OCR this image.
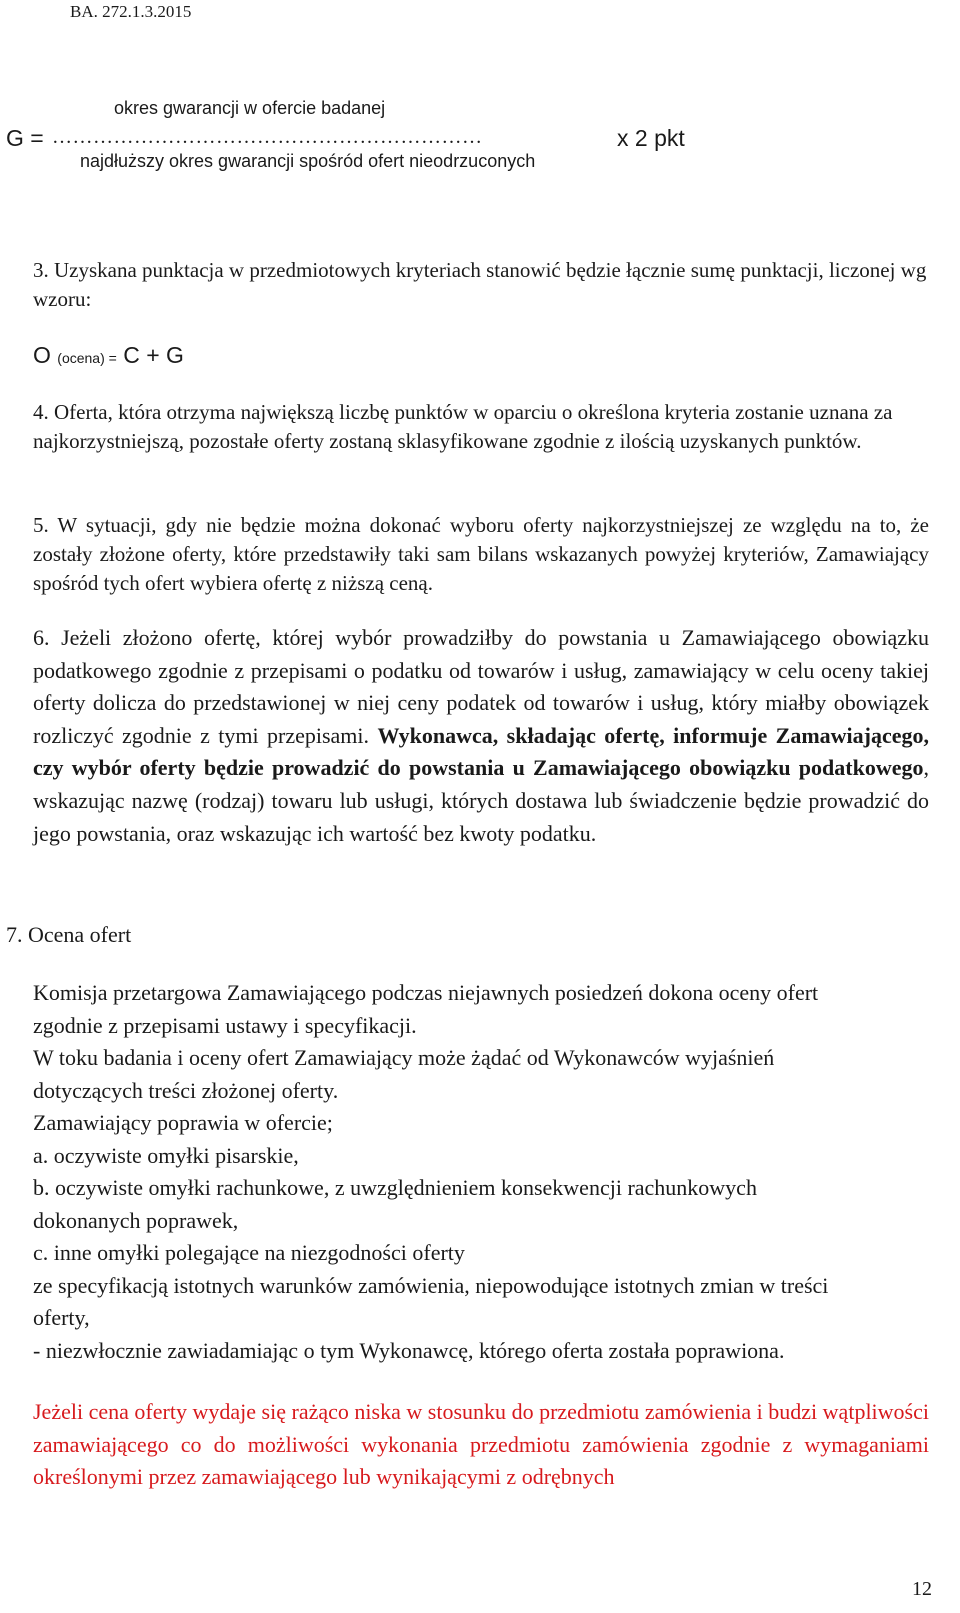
BA. 272.1.3.2015
okres gwarancji w ofercie badanej
G = ………………………………………………………	x 2 pkt
najdłuższy okres gwarancji spośród ofert nieodrzuconych
3. Uzyskana punktacja w przedmiotowych kryteriach stanowić będzie łącznie sumę punktacji, liczonej wg wzoru:
O (ocena) = C + G
4. Oferta, która otrzyma największą liczbę punktów w oparciu o określona kryteria zostanie uznana za najkorzystniejszą, pozostałe oferty zostaną sklasyfikowane zgodnie z ilością uzyskanych punktów.
5. W sytuacji, gdy nie będzie można dokonać wyboru oferty najkorzystniejszej ze względu na to, że zostały złożone oferty, które przedstawiły taki sam bilans wskazanych powyżej kryteriów, Zamawiający spośród tych ofert wybiera ofertę z niższą ceną.
6. Jeżeli złożono ofertę, której wybór prowadziłby do powstania u Zamawiającego obowiązku podatkowego zgodnie z przepisami o podatku od towarów i usług, zamawiający w celu oceny takiej oferty dolicza do przedstawionej w niej ceny podatek od towarów i usług, który miałby obowiązek rozliczyć zgodnie z tymi przepisami. Wykonawca, składając ofertę, informuje Zamawiającego, czy wybór oferty będzie prowadzić do powstania u Zamawiającego obowiązku podatkowego, wskazując nazwę (rodzaj) towaru lub usługi, których dostawa lub świadczenie będzie prowadzić do jego powstania, oraz wskazując ich wartość bez kwoty podatku.
7. Ocena ofert
Komisja przetargowa Zamawiającego podczas niejawnych posiedzeń dokona oceny ofert
zgodnie z przepisami ustawy i specyfikacji.
W toku badania i oceny ofert Zamawiający może żądać od Wykonawców wyjaśnień
dotyczących treści złożonej oferty.
Zamawiający poprawia w ofercie;
a. oczywiste omyłki pisarskie,
b. oczywiste omyłki rachunkowe, z uwzględnieniem konsekwencji rachunkowych
dokonanych poprawek,
c. inne omyłki polegające na niezgodności oferty
ze specyfikacją istotnych warunków zamówienia, niepowodujące istotnych zmian w treści
oferty,
- niezwłocznie zawiadamiając o tym Wykonawcę, którego oferta została poprawiona.
Jeżeli cena oferty wydaje się rażąco niska w stosunku do przedmiotu zamówienia i budzi wątpliwości zamawiającego co do możliwości wykonania przedmiotu zamówienia zgodnie z wymaganiami określonymi przez zamawiającego lub wynikającymi z odrębnych
12
